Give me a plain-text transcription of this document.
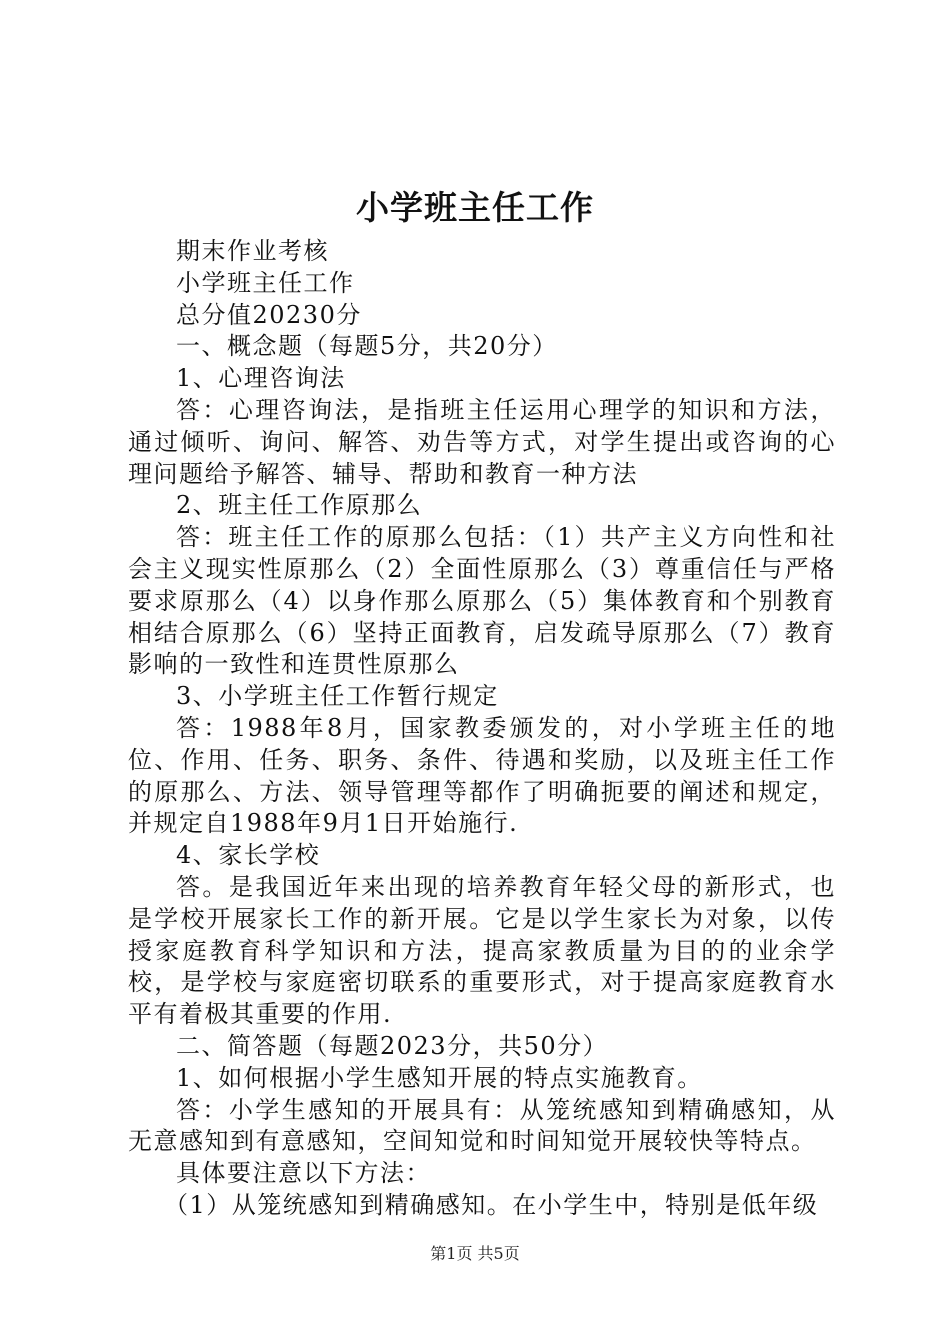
小学班主任工作

期末作业考核

小学班主任工作

总分值20230分

一、概念题（每题5分，共20分）

1、心理咨询法

答：心理咨询法，是指班主任运用心理学的知识和方法，通过倾听、询问、解答、劝告等方式，对学生提出或咨询的心理问题给予解答、辅导、帮助和教育一种方法

2、班主任工作原那么

答：班主任工作的原那么包括：（1）共产主义方向性和社会主义现实性原那么（2）全面性原那么（3）尊重信任与严格要求原那么（4）以身作那么原那么（5）集体教育和个别教育相结合原那么（6）坚持正面教育，启发疏导原那么（7）教育影响的一致性和连贯性原那么

3、小学班主任工作暂行规定

答：1988年8月，国家教委颁发的，对小学班主任的地位、作用、任务、职务、条件、待遇和奖励，以及班主任工作的原那么、方法、领导管理等都作了明确扼要的阐述和规定，并规定自1988年9月1日开始施行.

4、家长学校

答。是我国近年来出现的培养教育年轻父母的新形式，也是学校开展家长工作的新开展。它是以学生家长为对象，以传授家庭教育科学知识和方法，提高家教质量为目的的业余学校，是学校与家庭密切联系的重要形式，对于提高家庭教育水平有着极其重要的作用.

二、简答题（每题2023分，共50分）

1、如何根据小学生感知开展的特点实施教育。

答：小学生感知的开展具有：从笼统感知到精确感知，从无意感知到有意感知，空间知觉和时间知觉开展较快等特点。

具体要注意以下方法：

（1）从笼统感知到精确感知。在小学生中，特别是低年级

第1页 共5页
